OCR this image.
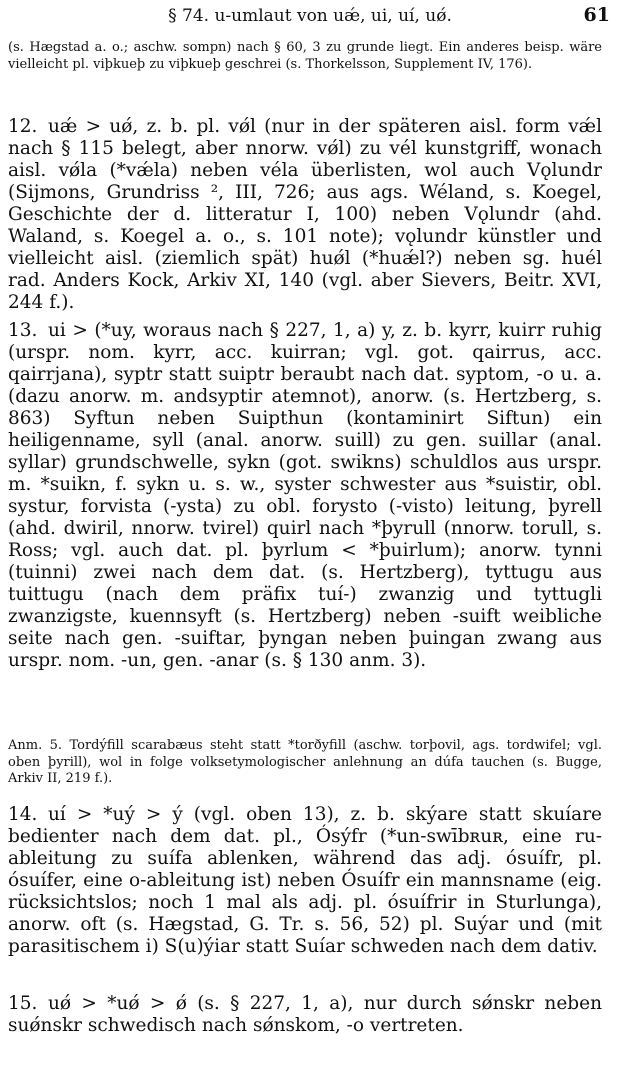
§ 74. u-umlaut von uǽ, ui, uí, uǿ.	61
(s. Hægstad a. o.; aschw. sompn) nach § 60, 3 zu grunde liegt. Ein anderes beisp. wäre vielleicht pl. viþkuеþ zu viþkuеþ geschrei (s. Thorkelsson, Supplement IV, 176).
12. uǽ > uǿ, z. b. pl. vǿl (nur in der späteren aisl. form vǽl nach § 115 belegt, aber nnorw. vǿl) zu vél kunstgriff, wonach aisl. vǿla (*vǽla) neben véla überlisten, wol auch Vǫlundr (Sijmons, Grundriss ², III, 726; aus ags. Wéland, s. Koegel, Geschichte der d. litteratur I, 100) neben Vǫlundr (ahd. Waland, s. Koegel a. o., s. 101 note); vǫlundr künstler und vielleicht aisl. (ziemlich spät) huǿl (*huǽl?) neben sg. huél rad. Anders Kock, Arkiv XI, 140 (vgl. aber Sievers, Beitr. XVI, 244 f.).
13. ui > (*uy, woraus nach § 227, 1, a) y, z. b. kyrr, kuirr ruhig (urspr. nom. kyrr, acc. kuirran; vgl. got. qairrus, acc. qairrjana), syptr statt suiptr beraubt nach dat. syptom, -o u. a. (dazu anorw. m. andsyptir atemnot), anorw. (s. Hertzberg, s. 863) Syftun neben Suipthun (kontaminirt Siftun) ein heiligenname, syll (anal. anorw. suill) zu gen. suillar (anal. syllar) grundschwelle, sykn (got. swikns) schuldlos aus urspr. m. *suikn, f. sykn u. s. w., syster schwester aus *suistir, obl. systur, forvista (-ysta) zu obl. forysto (-visto) leitung, þyrell (ahd. dwiril, nnorw. tvirel) quirl nach *þyrull (nnorw. torull, s. Ross; vgl. auch dat. pl. þyrlum < *þuirlum); anorw. tynni (tuinni) zwei nach dem dat. (s. Hertzberg), tyttugu aus tuittugu (nach dem präfix tuí-) zwanzig und tyttugli zwanzigste, kuennsyft (s. Hertzberg) neben -suift weibliche seite nach gen. -suiftar, þyngan neben þuingan zwang aus urspr. nom. -un, gen. -anar (s. § 130 anm. 3).
Anm. 5. Tordýfill scarabæus steht statt *torðyfill (aschw. torþovil, ags. tordwifel; vgl. oben þyrill), wol in folge volksetymologischer anlehnung an dúfa tauchen (s. Bugge, Arkiv II, 219 f.).
14. uí > *uý > ý (vgl. oben 13), z. b. skýare statt skuíare bedienter nach dem dat. pl., Ósýfr (*un-swībʀuʀ, eine ru-ableitung zu suífa ablenken, während das adj. ósuífr, pl. ósuífer, eine o-ableitung ist) neben Ósuífr ein mannsname (eig. rücksichtslos; noch 1 mal als adj. pl. ósuífrir in Sturlunga), anorw. oft (s. Hægstad, G. Tr. s. 56, 52) pl. Suýar und (mit parasitischem i) S(u)ýiar statt Suíar schweden nach dem dativ.
15. uǿ > *uǿ > ǿ (s. § 227, 1, a), nur durch sǿnskr neben suǿnskr schwedisch nach sǿnskom, -o vertreten.
